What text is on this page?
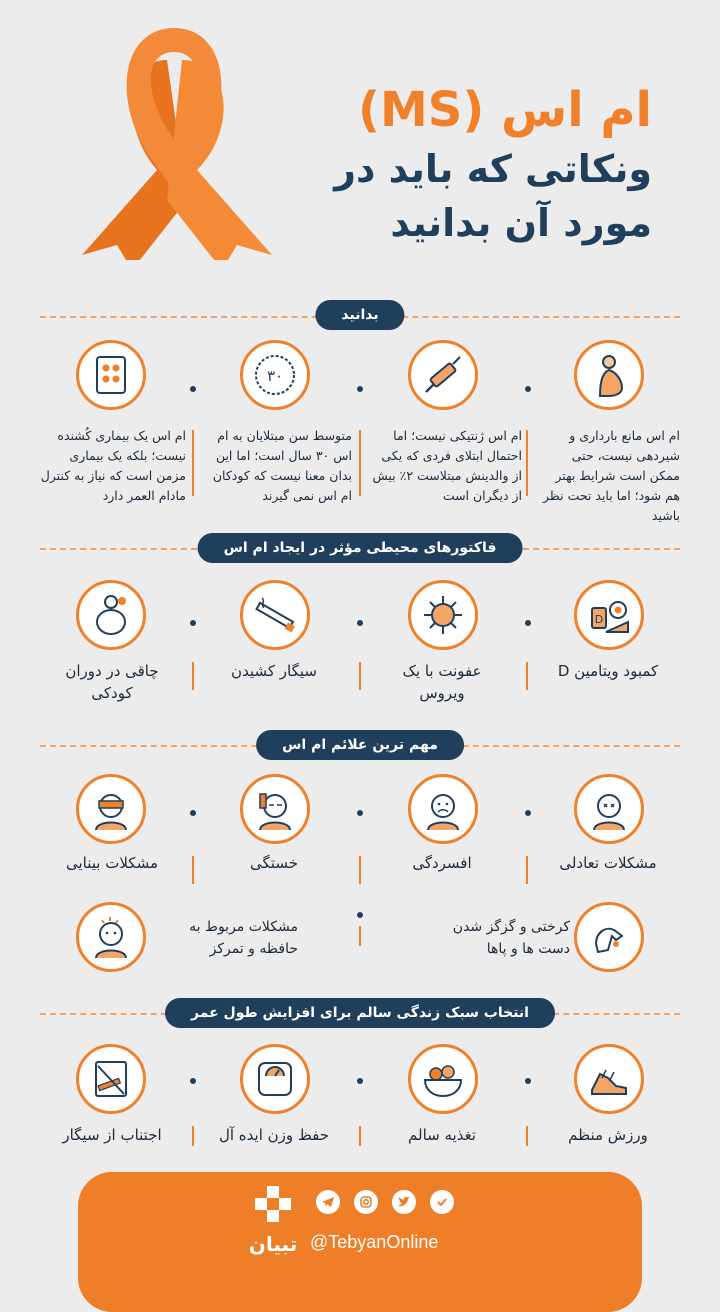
ام اس (MS)
ونکاتی که باید در
مورد آن بدانید
بدانید
۳۰
ام اس مانع بارداری و شیردهی نیست، حتی ممکن است شرایط بهتر هم شود؛ اما باید تحت نظر باشید
ام اس ژنتیکی نیست؛ اما احتمال ابتلای فردی که یکی از والدینش مبتلاست ۲٪ بیش از دیگران است
متوسط سن مبتلایان به ام اس ۳۰ سال است؛ اما این بدان معنا نیست که کودکان ام اس نمی گیرند
ام اس یک بیماری کُشنده نیست؛ بلکه یک بیماری مزمن است که نیاز به کنترل مادام العمر دارد
فاکتورهای محیطی مؤثر در ایجاد ام اس
D
کمبود ویتامین D
عفونت با یک ویروس
سیگار کشیدن
چاقی در دوران کودکی
مهم ترین علائم ام اس
مشکلات تعادلی
افسردگی
خستگی
مشکلات بینایی
کرختی و گزگز شدن دست ها و پاها
مشکلات مربوط به حافظه و تمرکز
انتخاب سبک زندگی سالم برای افزایش طول عمر
ورزش منظم
تغذیه سالم
حفظ وزن ایده آل
اجتناب از سیگار
تبیان @TebyanOnline
